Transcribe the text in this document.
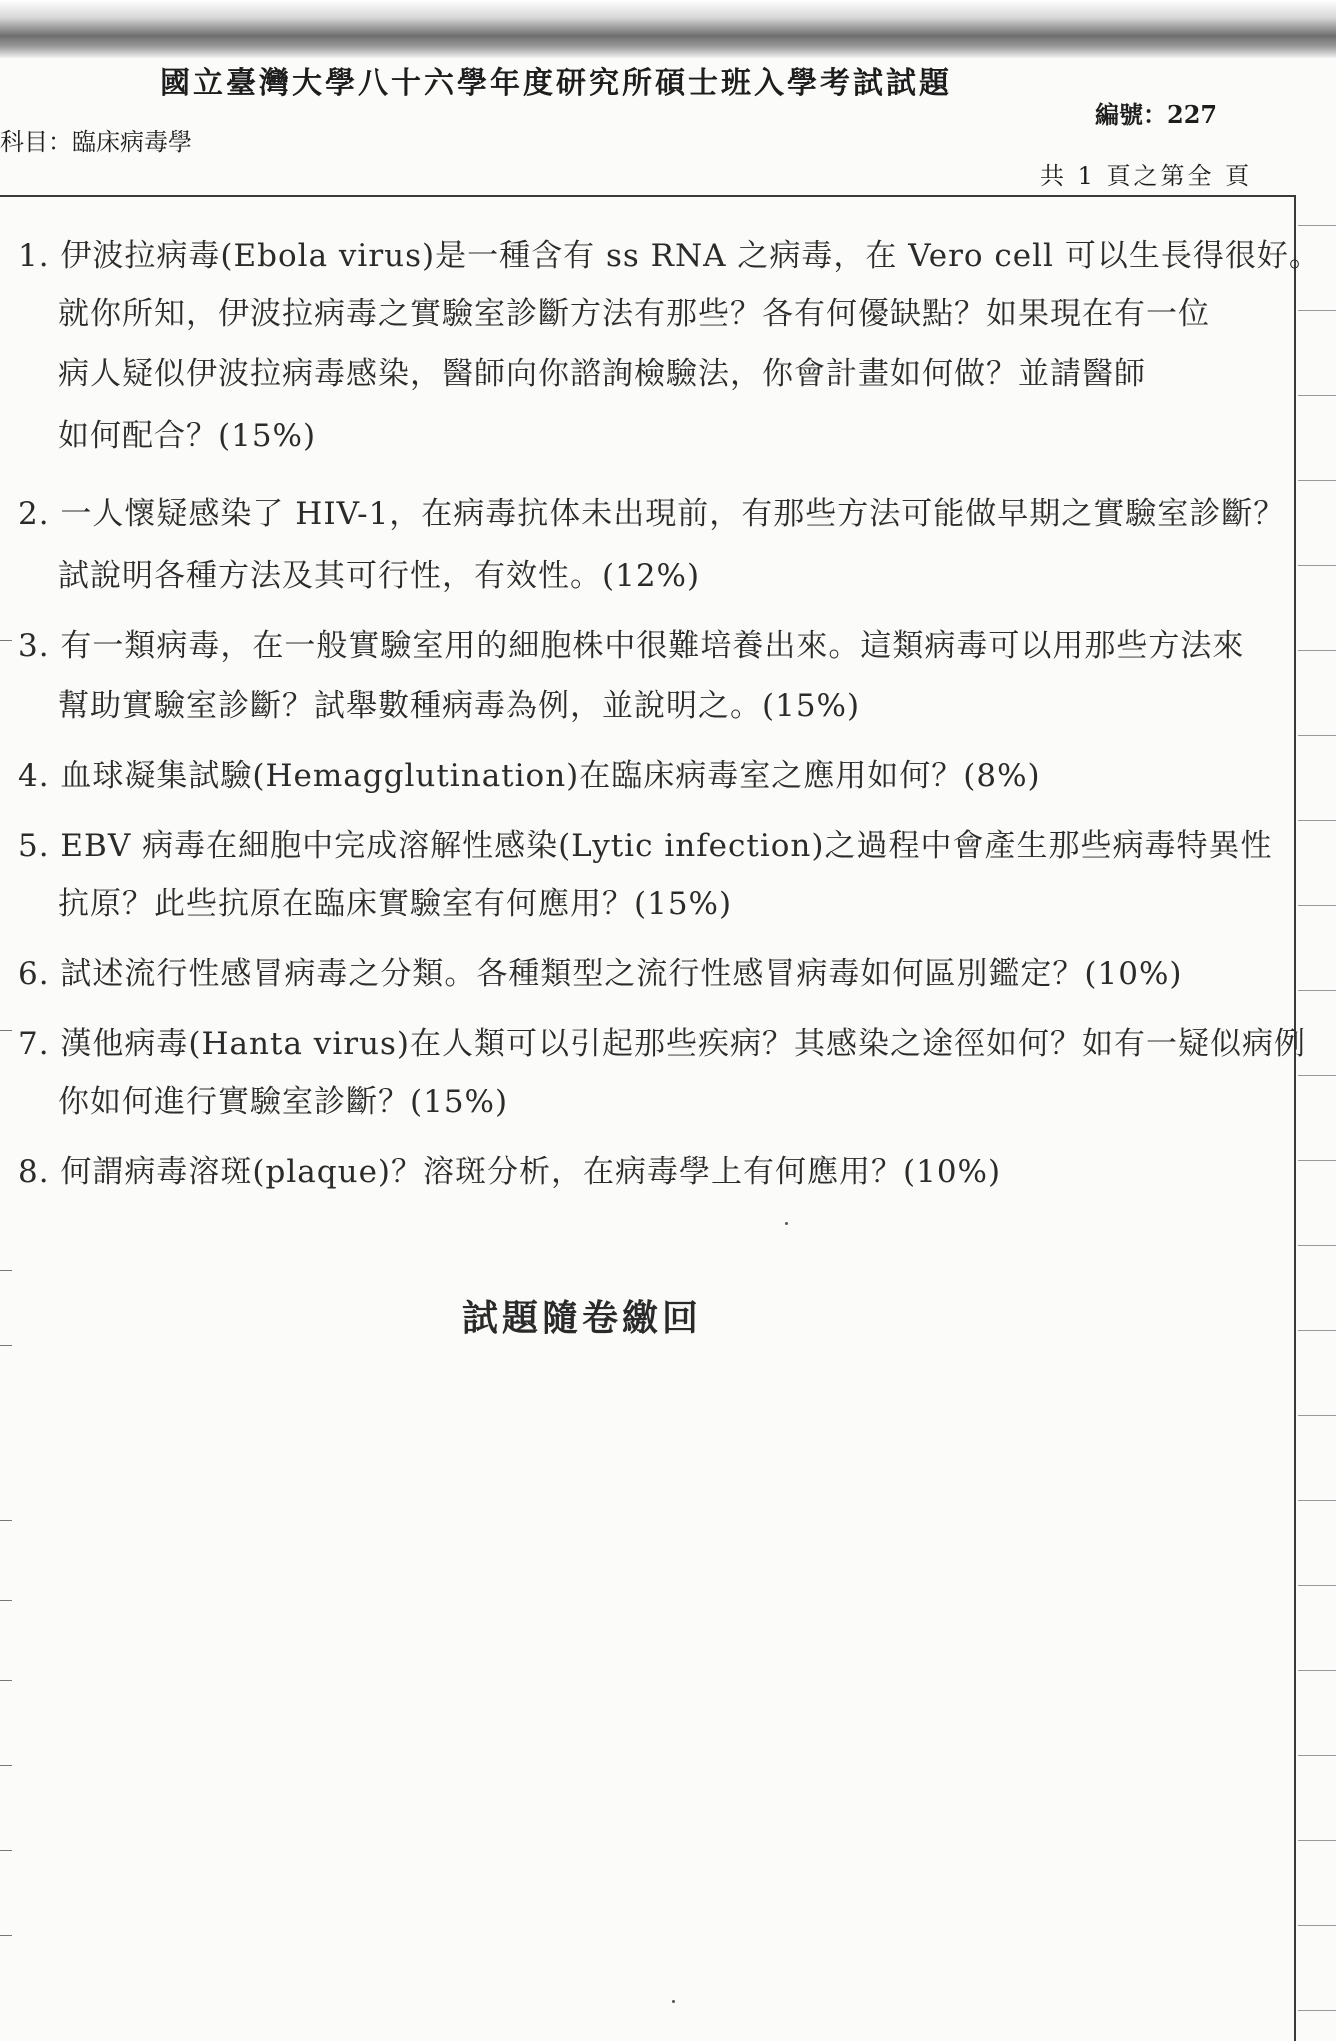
國立臺灣大學八十六學年度研究所碩士班入學考試試題
編號：227
科目：臨床病毒學
共 1 頁之第全 頁
1. 伊波拉病毒(Ebola virus)是一種含有 ss RNA 之病毒，在 Vero cell 可以生長得很好。
就你所知，伊波拉病毒之實驗室診斷方法有那些？各有何優缺點？如果現在有一位
病人疑似伊波拉病毒感染，醫師向你諮詢檢驗法，你會計畫如何做？並請醫師
如何配合？(15%)
2. 一人懷疑感染了 HIV-1，在病毒抗体未出現前，有那些方法可能做早期之實驗室診斷？
試說明各種方法及其可行性，有效性。(12%)
3. 有一類病毒，在一般實驗室用的細胞株中很難培養出來。這類病毒可以用那些方法來
幫助實驗室診斷？試舉數種病毒為例，並說明之。(15%)
4. 血球凝集試驗(Hemagglutination)在臨床病毒室之應用如何？(8%)
5. EBV 病毒在細胞中完成溶解性感染(Lytic infection)之過程中會產生那些病毒特異性
抗原？此些抗原在臨床實驗室有何應用？(15%)
6. 試述流行性感冒病毒之分類。各種類型之流行性感冒病毒如何區別鑑定？(10%)
7. 漢他病毒(Hanta virus)在人類可以引起那些疾病？其感染之途徑如何？如有一疑似病例
你如何進行實驗室診斷？(15%)
8. 何謂病毒溶斑(plaque)？溶斑分析，在病毒學上有何應用？(10%)
試題隨卷繳回
